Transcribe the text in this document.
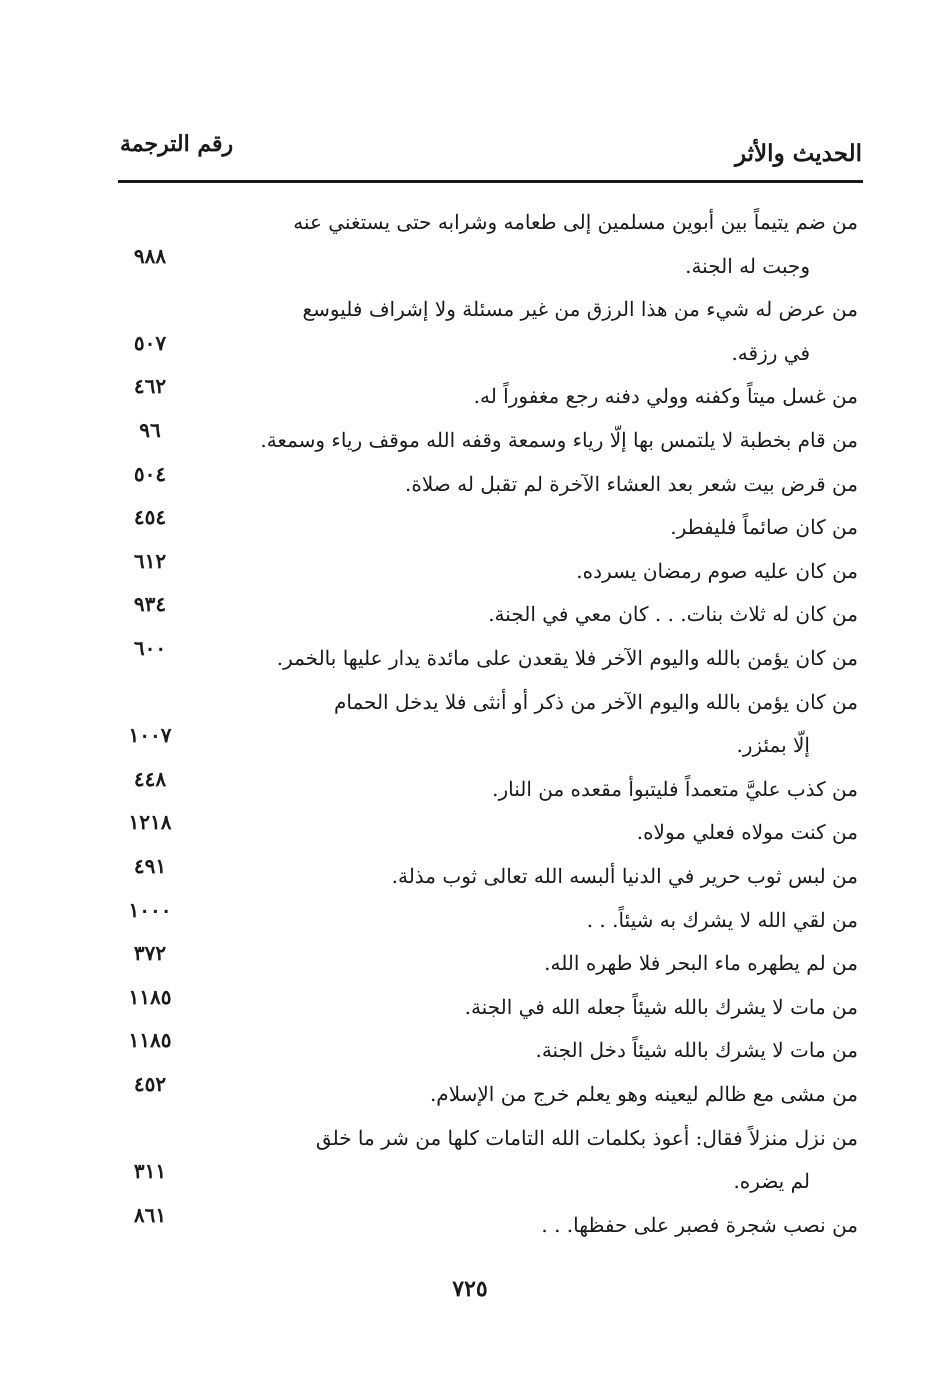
الحديث والأثر
رقم الترجمة
من ضم يتيماً بين أبوين مسلمين إلى طعامه وشرابه حتى يستغني عنه
وجبت له الجنة.
٩٨٨
من عرض له شيء من هذا الرزق من غير مسئلة ولا إشراف فليوسع
في رزقه.
٥٠٧
من غسل ميتاً وكفنه وولي دفنه رجع مغفوراً له.
٤٦٢
من قام بخطبة لا يلتمس بها إلّا رياء وسمعة وقفه الله موقف رياء وسمعة.
٩٦
من قرض بيت شعر بعد العشاء الآخرة لم تقبل له صلاة.
٥٠٤
من كان صائماً فليفطر.
٤٥٤
من كان عليه صوم رمضان يسرده.
٦١٢
من كان له ثلاث بنات. . . كان معي في الجنة.
٩٣٤
من كان يؤمن بالله واليوم الآخر فلا يقعدن على مائدة يدار عليها بالخمر.
٦٠٠
من كان يؤمن بالله واليوم الآخر من ذكر أو أنثى فلا يدخل الحمام
إلّا بمئزر.
١٠٠٧
من كذب عليَّ متعمداً فليتبوأ مقعده من النار.
٤٤٨
من كنت مولاه فعلي مولاه.
١٢١٨
من لبس ثوب حرير في الدنيا ألبسه الله تعالى ثوب مذلة.
٤٩١
من لقي الله لا يشرك به شيئاً. . .
١٠٠٠
من لم يطهره ماء البحر فلا طهره الله.
٣٧٢
من مات لا يشرك بالله شيئاً جعله الله في الجنة.
١١٨٥
من مات لا يشرك بالله شيئاً دخل الجنة.
١١٨٥
من مشى مع ظالم ليعينه وهو يعلم خرج من الإسلام.
٤٥٢
من نزل منزلاً فقال: أعوذ بكلمات الله التامات كلها من شر ما خلق
لم يضره.
٣١١
من نصب شجرة فصبر على حفظها. . .
٨٦١
٧٢٥
